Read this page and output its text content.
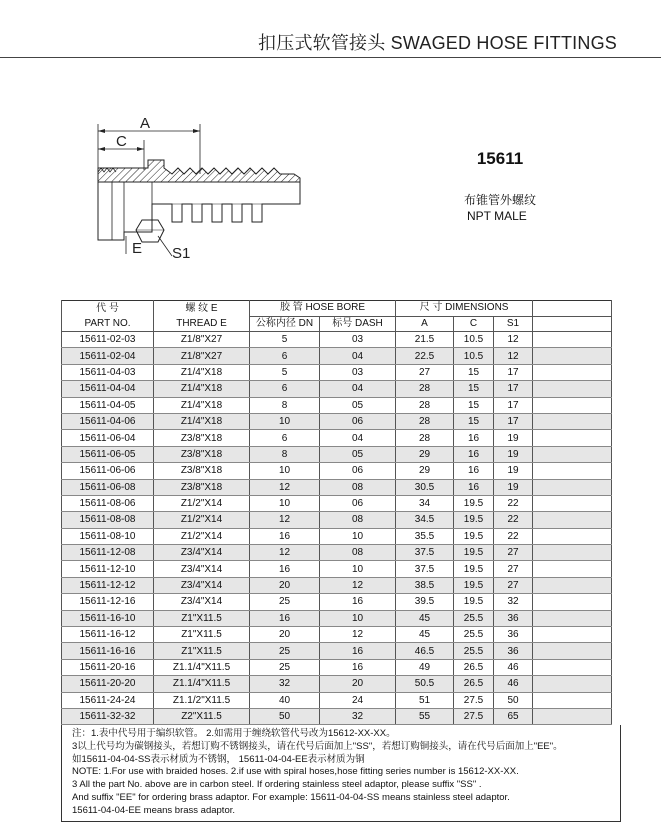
扣压式软管接头 SWAGED HOSE FITTINGS
A
C
E S1
15611
布锥管外螺纹
NPT MALE
代 号	螺 纹 E	胶 管 HOSE BORE		尺 寸 DIMENSIONS			
PART NO.	THREAD E	公称内径 DN	标号 DASH	A	C	S1	
15611-02-03	Z1/8"X27	5	03	21.5	10.5	12	
15611-02-04	Z1/8"X27	6	04	22.5	10.5	12	
15611-04-03	Z1/4"X18	5	03	27	15	17	
15611-04-04	Z1/4"X18	6	04	28	15	17	
15611-04-05	Z1/4"X18	8	05	28	15	17	
15611-04-06	Z1/4"X18	10	06	28	15	17	
15611-06-04	Z3/8"X18	6	04	28	16	19	
15611-06-05	Z3/8"X18	8	05	29	16	19	
15611-06-06	Z3/8"X18	10	06	29	16	19	
15611-06-08	Z3/8"X18	12	08	30.5	16	19	
15611-08-06	Z1/2"X14	10	06	34	19.5	22	
15611-08-08	Z1/2"X14	12	08	34.5	19.5	22	
15611-08-10	Z1/2"X14	16	10	35.5	19.5	22	
15611-12-08	Z3/4"X14	12	08	37.5	19.5	27	
15611-12-10	Z3/4"X14	16	10	37.5	19.5	27	
15611-12-12	Z3/4"X14	20	12	38.5	19.5	27	
15611-12-16	Z3/4"X14	25	16	39.5	19.5	32	
15611-16-10	Z1"X11.5	16	10	45	25.5	36	
15611-16-12	Z1"X11.5	20	12	45	25.5	36	
15611-16-16	Z1"X11.5	25	16	46.5	25.5	36	
15611-20-16	Z1.1/4"X11.5	25	16	49	26.5	46	
15611-20-20	Z1.1/4"X11.5	32	20	50.5	26.5	46	
15611-24-24	Z1.1/2"X11.5	40	24	51	27.5	50	
15611-32-32	Z2"X11.5	50	32	55	27.5	65	
注：1.表中代号用于编织软管。 2.如需用于缠绕软管代号改为15612-XX-XX。
3以上代号均为碳钢接头，若想订购不锈钢接头，请在代号后面加上"SS"，若想订购铜接头，请在代号后面加上"EE"。
如15611-04-04-SS表示材质为不锈钢， 15611-04-04-EE表示材质为铜
NOTE: 1.For use with braided hoses. 2.if use with spiral hoses,hose fitting series number is 15612-XX-XX.
3 All the part No. above are in carbon steel. If ordering stainless steel adaptor, please suffix "SS" .
And suffix "EE" for ordering brass adaptor. For example: 15611-04-04-SS means stainless steel adaptor.
15611-04-04-EE means brass adaptor.
